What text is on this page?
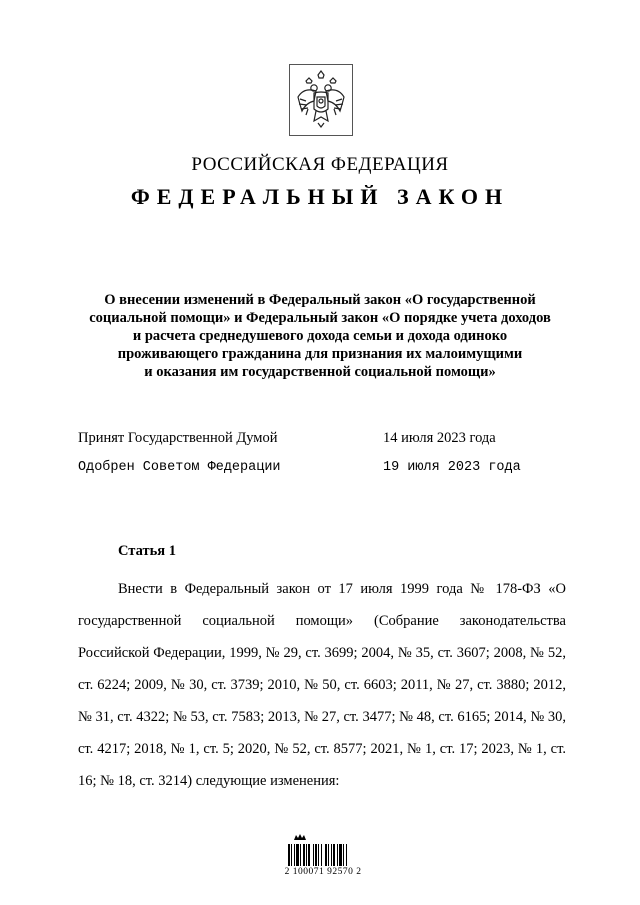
РОССИЙСКАЯ ФЕДЕРАЦИЯ
ФЕДЕРАЛЬНЫЙ ЗАКОН
О внесении изменений в Федеральный закон «О государственной
социальной помощи» и Федеральный закон «О порядке учета доходов
и расчета среднедушевого дохода семьи и дохода одиноко
проживающего гражданина для признания их малоимущими
и оказания им государственной социальной помощи»
Принят Государственной Думой	14 июля 2023 года
Одобрен Советом Федерации	19 июля 2023 года
Статья 1
Внести в Федеральный закон от 17 июля 1999 года № 178-ФЗ «О государственной социальной помощи» (Собрание законодательства Российской Федерации, 1999, № 29, ст. 3699; 2004, № 35, ст. 3607; 2008, № 52, ст. 6224; 2009, № 30, ст. 3739; 2010, № 50, ст. 6603; 2011, № 27, ст. 3880; 2012, № 31, ст. 4322; № 53, ст. 7583; 2013, № 27, ст. 3477; № 48, ст. 6165; 2014, № 30, ст. 4217; 2018, № 1, ст. 5; 2020, № 52, ст. 8577; 2021, № 1, ст. 17; 2023, № 1, ст. 16; № 18, ст. 3214) следующие изменения:
2 100071 92570 2
